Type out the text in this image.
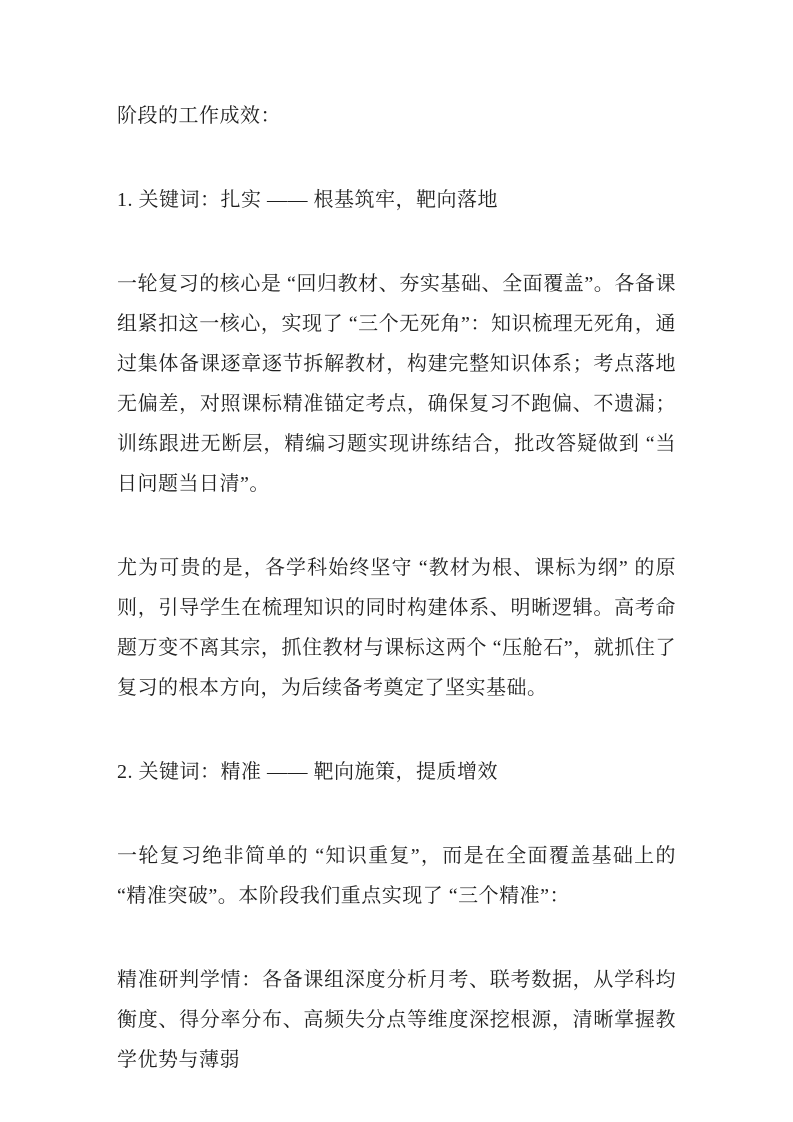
阶段的工作成效：

1. 关键词：扎实 —— 根基筑牢，靶向落地

一轮复习的核心是 “回归教材、夯实基础、全面覆盖”。各备课组紧扣这一核心，实现了 “三个无死角”：知识梳理无死角，通过集体备课逐章逐节拆解教材，构建完整知识体系；考点落地无偏差，对照课标精准锚定考点，确保复习不跑偏、不遗漏；训练跟进无断层，精编习题实现讲练结合，批改答疑做到 “当日问题当日清”。

尤为可贵的是，各学科始终坚守 “教材为根、课标为纲” 的原则，引导学生在梳理知识的同时构建体系、明晰逻辑。高考命题万变不离其宗，抓住教材与课标这两个 “压舱石”，就抓住了复习的根本方向，为后续备考奠定了坚实基础。

2. 关键词：精准 —— 靶向施策，提质增效

一轮复习绝非简单的 “知识重复”，而是在全面覆盖基础上的 “精准突破”。本阶段我们重点实现了 “三个精准”：

精准研判学情：各备课组深度分析月考、联考数据，从学科均衡度、得分率分布、高频失分点等维度深挖根源，清晰掌握教学优势与薄弱
